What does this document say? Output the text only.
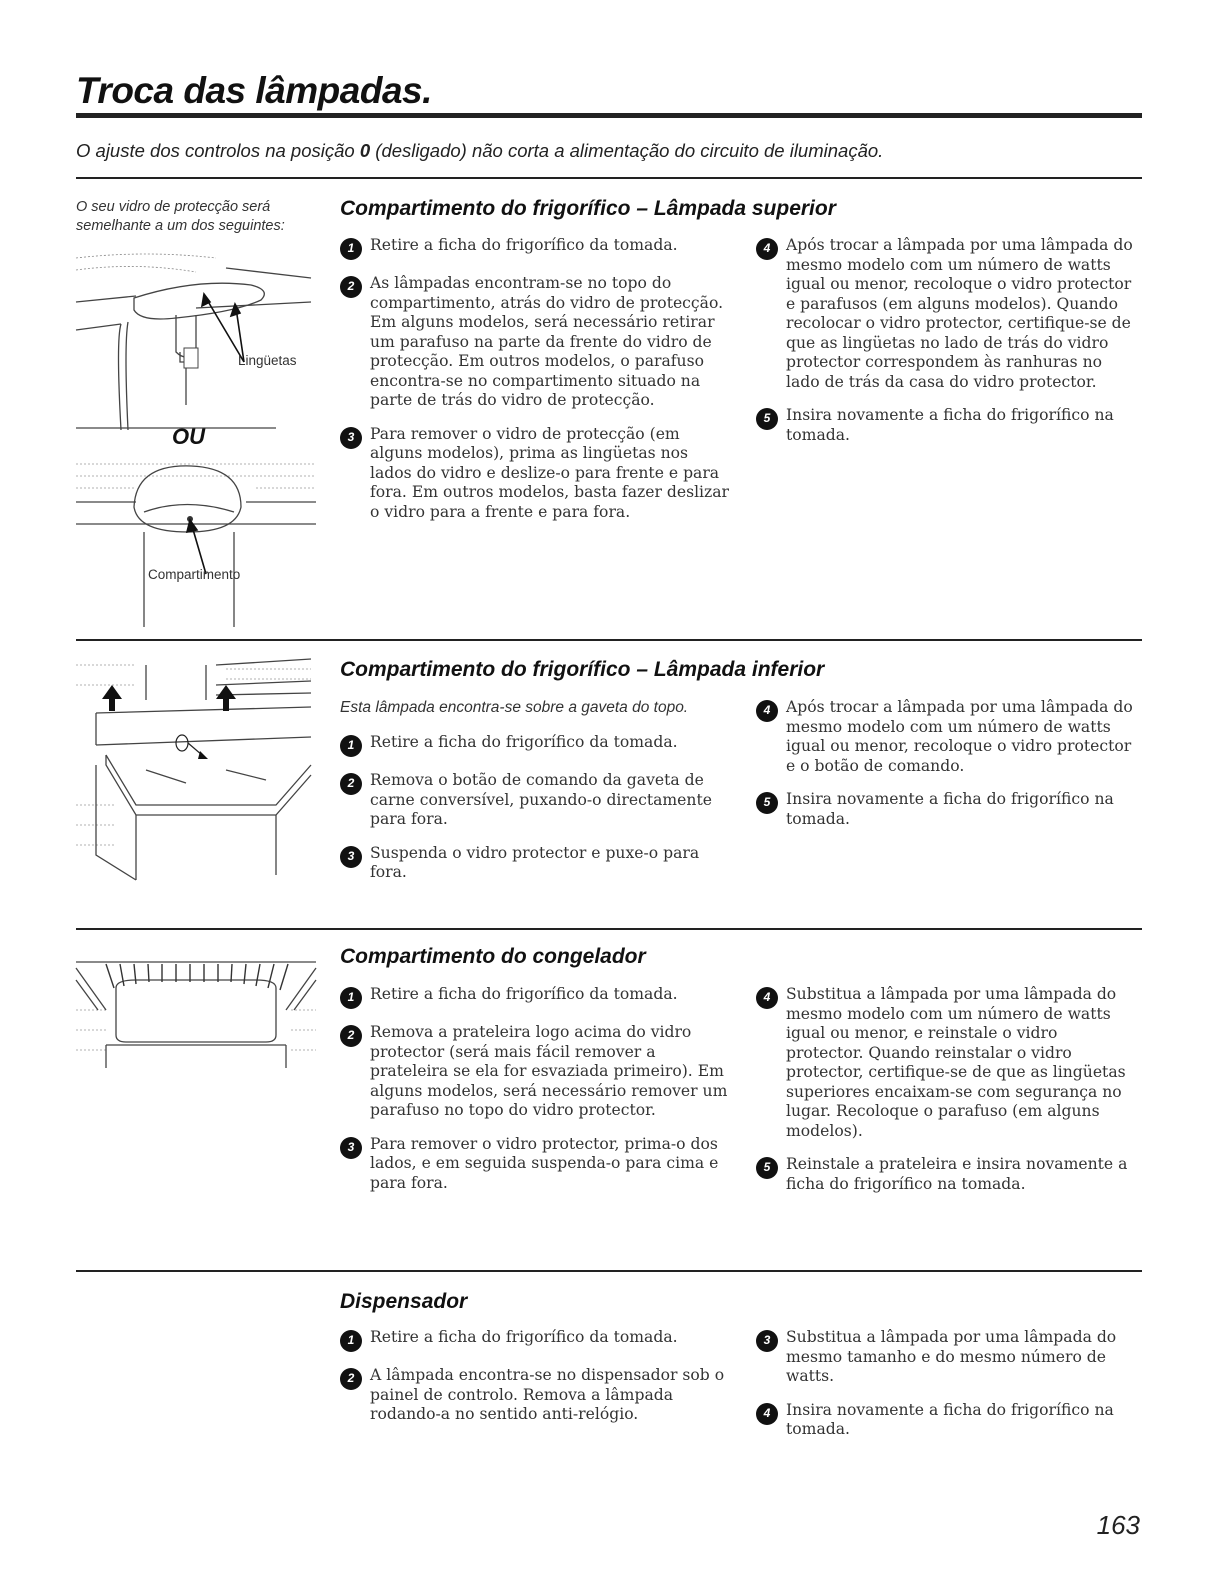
Troca das lâmpadas.
O ajuste dos controlos na posição 0 (desligado) não corta a alimentação do circuito de iluminação.
O seu vidro de protecção será semelhante a um dos seguintes:
Lingüetas
OU
Compartimento
Compartimento do frigorífico – Lâmpada superior
1	Retire a ficha do frigorífico da tomada.
2	As lâmpadas encontram-se no topo do compartimento, atrás do vidro de protecção. Em alguns modelos, será necessário retirar um parafuso na parte da frente do vidro de protecção. Em outros modelos, o parafuso encontra-se no compartimento situado na parte de trás do vidro de protecção.
3	Para remover o vidro de protecção (em alguns modelos), prima as lingüetas nos lados do vidro e deslize-o para frente e para fora. Em outros modelos, basta fazer deslizar o vidro para a frente e para fora.
4	Após trocar a lâmpada por uma lâmpada do mesmo modelo com um número de watts igual ou menor, recoloque o vidro protector e parafusos (em alguns modelos). Quando recolocar o vidro protector, certifique-se de que as lingüetas no lado de trás do vidro protector correspondem às ranhuras no lado de trás da casa do vidro protector.
5	Insira novamente a ficha do frigorífico na tomada.
Compartimento do frigorífico – Lâmpada inferior
Esta lâmpada encontra-se sobre a gaveta do topo.
1	Retire a ficha do frigorífico da tomada.
2	Remova o botão de comando da gaveta de carne conversível, puxando-o directamente para fora.
3	Suspenda o vidro protector e puxe-o para fora.
4	Após trocar a lâmpada por uma lâmpada do mesmo modelo com um número de watts igual ou menor, recoloque o vidro protector e o botão de comando.
5	Insira novamente a ficha do frigorífico na tomada.
Compartimento do congelador
1	Retire a ficha do frigorífico da tomada.
2	Remova a prateleira logo acima do vidro protector (será mais fácil remover a prateleira se ela for esvaziada primeiro). Em alguns modelos, será necessário remover um parafuso no topo do vidro protector.
3	Para remover o vidro protector, prima-o dos lados, e em seguida suspenda-o para cima e para fora.
4	Substitua a lâmpada por uma lâmpada do mesmo modelo com um número de watts igual ou menor, e reinstale o vidro protector. Quando reinstalar o vidro protector, certifique-se de que as lingüetas superiores encaixam-se com segurança no lugar. Recoloque o parafuso (em alguns modelos).
5	Reinstale a prateleira e insira novamente a ficha do frigorífico na tomada.
Dispensador
1	Retire a ficha do frigorífico da tomada.
2	A lâmpada encontra-se no dispensador sob o painel de controlo. Remova a lâmpada rodando-a no sentido anti-relógio.
3	Substitua a lâmpada por uma lâmpada do mesmo tamanho e do mesmo número de watts.
4	Insira novamente a ficha do frigorífico na tomada.
163
